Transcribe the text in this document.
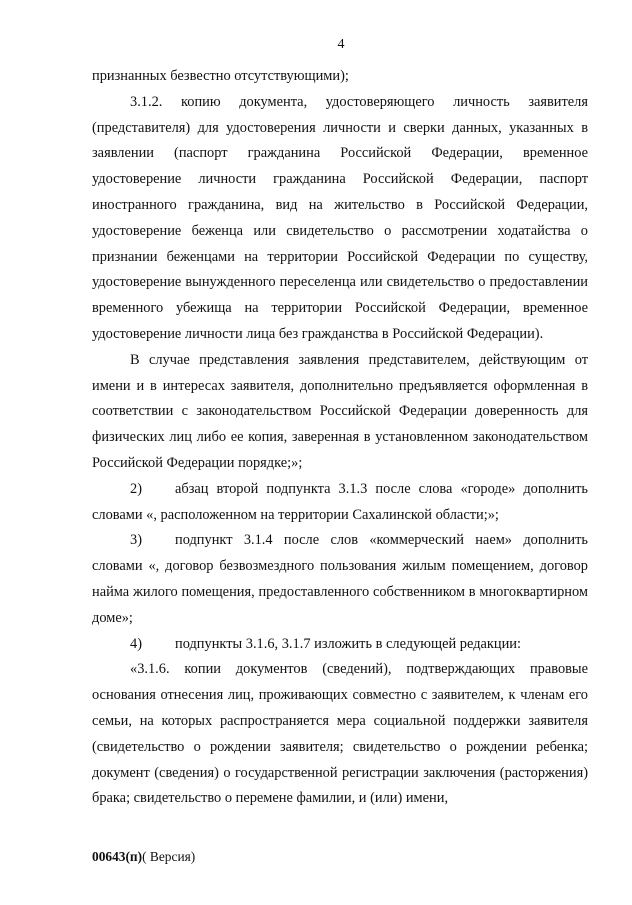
4

признанных безвестно отсутствующими);

3.1.2. копию документа, удостоверяющего личность заявителя (представителя) для удостоверения личности и сверки данных, указанных в заявлении (паспорт гражданина Российской Федерации, временное удостоверение личности гражданина Российской Федерации, паспорт иностранного гражданина, вид на жительство в Российской Федерации, удостоверение беженца или свидетельство о рассмотрении ходатайства о признании беженцами на территории Российской Федерации по существу, удостоверение вынужденного переселенца или свидетельство о предоставлении временного убежища на территории Российской Федерации, временное удостоверение личности лица без гражданства в Российской Федерации).

В случае представления заявления представителем, действующим от имени и в интересах заявителя, дополнительно предъявляется оформленная в соответствии с законодательством Российской Федерации доверенность для физических лиц либо ее копия, заверенная в установленном законодательством Российской Федерации порядке;»;

2) абзац второй подпункта 3.1.3 после слова «городе» дополнить словами «, расположенном на территории Сахалинской области;»;

3) подпункт 3.1.4 после слов «коммерческий наем» дополнить словами «, договор безвозмездного пользования жилым помещением, договор найма жилого помещения, предоставленного собственником в многоквартирном доме»;

4) подпункты 3.1.6, 3.1.7 изложить в следующей редакции:

«3.1.6. копии документов (сведений), подтверждающих правовые основания отнесения лиц, проживающих совместно с заявителем, к членам его семьи, на которых распространяется мера социальной поддержки заявителя (свидетельство о рождении заявителя; свидетельство о рождении ребенка; документ (сведения) о государственной регистрации заключения (расторжения) брака; свидетельство о перемене фамилии, и (или) имени,

00643(п)( Версия)
